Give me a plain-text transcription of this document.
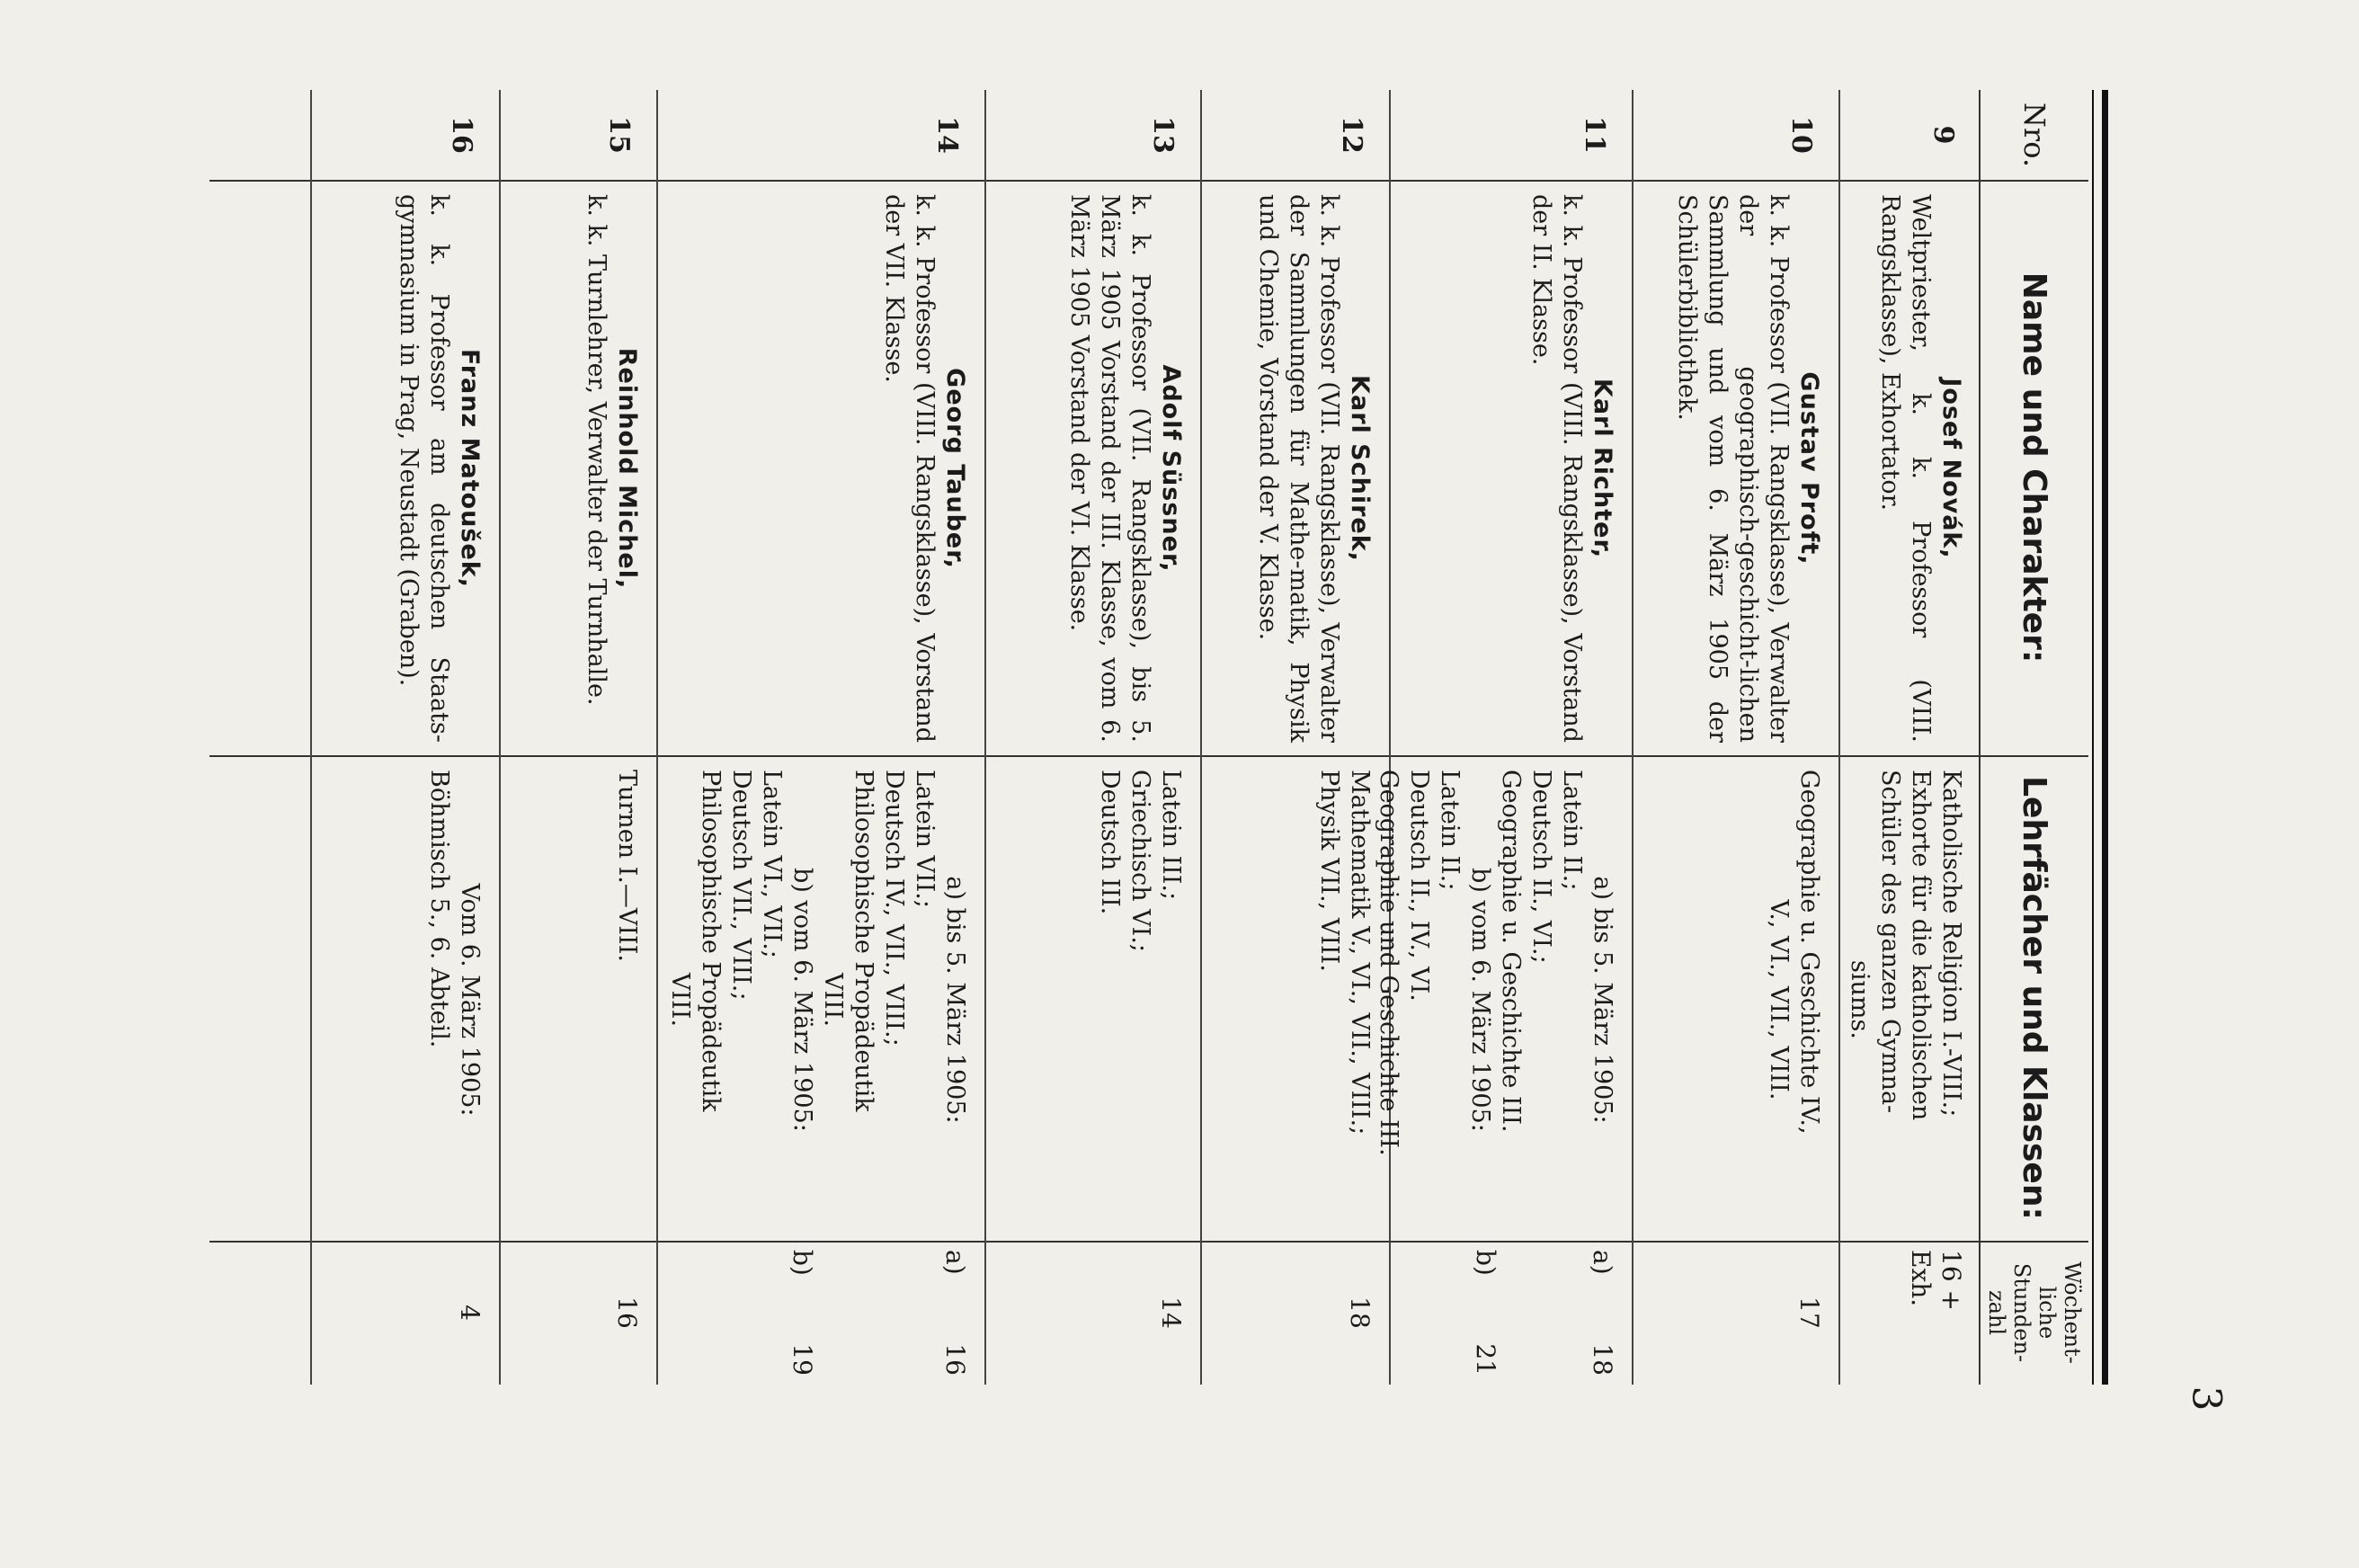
3
Nro.
Name und Charakter:
Lehrfächer und Klassen:
Wöchent-liche Stunden-zahl
9
Josef Novák,
Weltpriester, k. k. Professor (VIII. Rangsklasse), Exhortator.
Katholische Religion I.-VIII.;
Exhorte für die katholischen
Schüler des ganzen Gymna-
siums.
16 + Exh.
10
Gustav Proft,
k. k. Professor (VII. Rangsklasse), Verwalter der geographisch-geschicht-lichen Sammlung und vom 6. März 1905 der Schülerbibliothek.
Geographie u. Geschichte IV.,
V., VI., VII., VIII.
17
11
Karl Richter,
k. k. Professor (VIII. Rangsklasse), Vorstand der II. Klasse.
a) bis 5. März 1905:
Latein II.;
Deutsch II., VI.;
Geographie u. Geschichte III.
b) vom 6. März 1905:
Latein II.;
Deutsch II., IV., VI.
Geographie und Geschichte III.
a)
18
b)
21
12
Karl Schirek,
k. k. Professor (VII. Rangsklasse), Verwalter der Sammlungen für Mathe-matik, Physik und Chemie, Vorstand der V. Klasse.
Mathematik V., VI., VII., VIII.;
Physik VII., VIII.
18
13
Adolf Süssner,
k. k. Professor (VII. Rangsklasse), bis 5. März 1905 Vorstand der III. Klasse, vom 6. März 1905 Vorstand der VI. Klasse.
Latein III.;
Griechisch VI.;
Deutsch III.
14
14
Georg Tauber,
k. k. Professor (VIII. Rangsklasse), Vorstand der VII. Klasse.
a) bis 5. März 1905:
Latein VII.;
Deutsch IV., VII., VIII.;
Philosophische Propädeutik
VIII.
b) vom 6. März 1905:
Latein VI., VII.;
Deutsch VII., VIII.;
Philosophische Propädeutik
VIII.
a)
16
b)
19
15
Reinhold Michel,
k. k. Turnlehrer, Verwalter der Turnhalle.
Turnen I.—VIII.
16
16
Franz Matoušek,
k. k. Professor am deutschen Staats-gymnasium in Prag, Neustadt (Graben).
Vom 6. März 1905:
Böhmisch 5., 6. Abteil.
4
